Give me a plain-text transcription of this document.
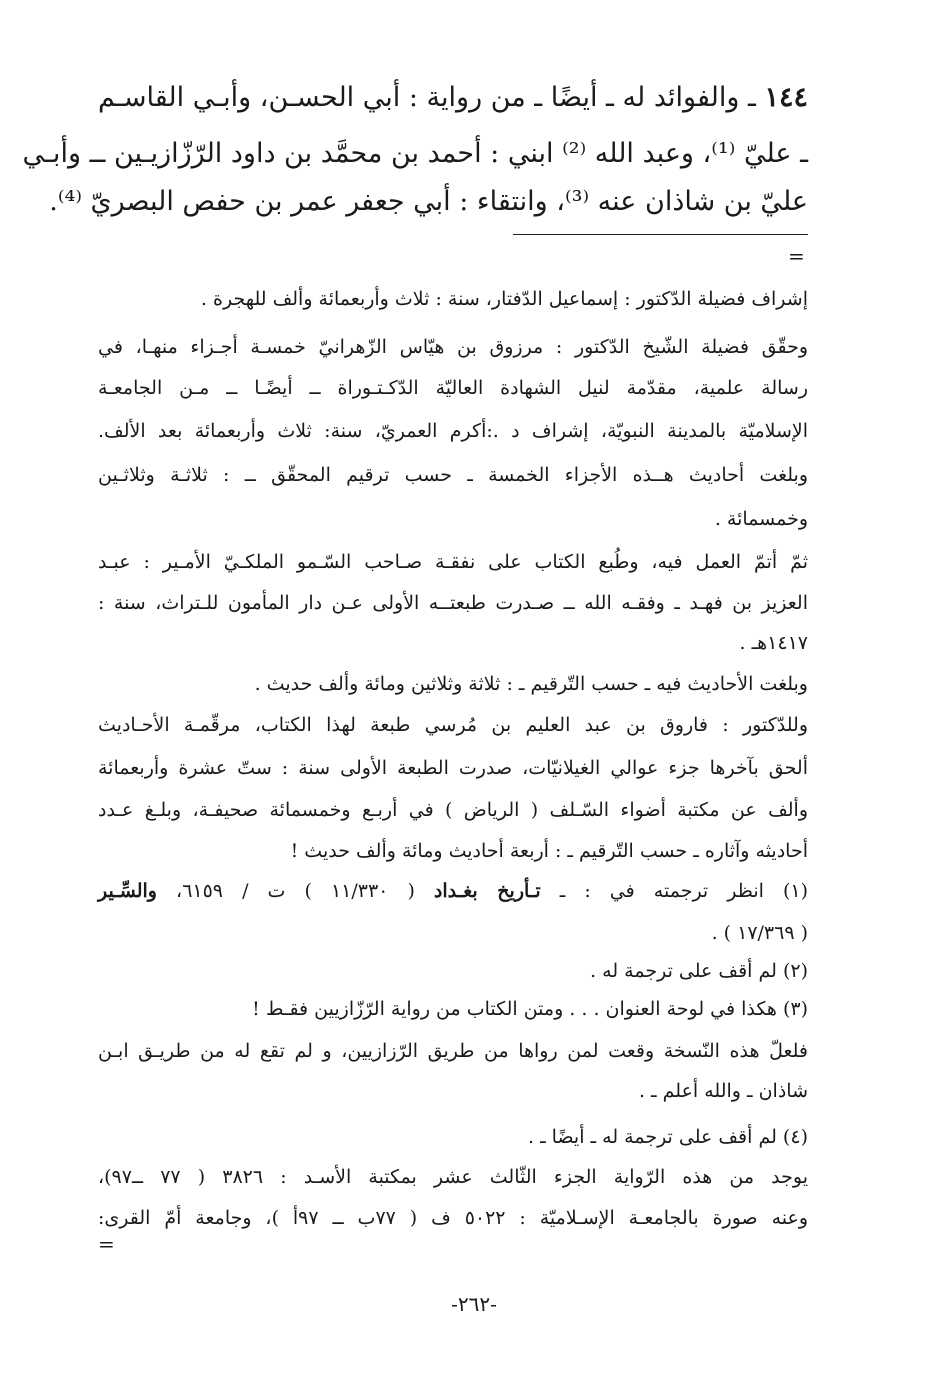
١٤٤ ـ والفوائد له ـ أيضًا ـ من رواية : أبي الحسـن، وأبـي القاسـم
ـ عليّ ⁽¹⁾، وعبد الله ⁽²⁾ ابني : أحمد بن محمَّد بن داود الرّزّازيـين ــ وأبـي
عليّ بن شاذان عنه ⁽³⁾، وانتقاء : أبي جعفر عمر بن حفص البصريّ ⁽⁴⁾.
=
إشراف فضيلة الدّكتور : إسماعيل الدّفتار، سنة : ثلاث وأربعمائة وألف للهجرة .
وحقّق فضيلة الشّيخ الدّكتور : مرزوق بن هيّاس الزّهرانيّ خمسـة أجـزاء منهـا، في
رسالة علمية، مقدّمة لنيل الشهادة العاليّة الدّكـتـوراة ــ أيضًـا ــ مـن الجامعـة
الإسلاميّة بالمدينة النبويّة، إشراف د .:أكرم العمريّ، سنة: ثلاث وأربعمائة بعد الألف.
وبلغت أحاديث هــذه الأجزاء الخمسة ـ حسب ترقيم المحقّق ــ : ثلاثـة وثلاثـين
وخمسمائة .
ثمّ أتمّ العمل فيه، وطُبع الكتاب على نفقـة صـاحب السّـمو الملكـيّ الأمـير : عبـد
العزيز بن فهـد ـ وفقـه الله ــ صـدرت طبعتــه الأولى عـن دار المأمون للـتراث، سنة :
١٤١٧هـ .
وبلغت الأحاديث فيه ـ حسب التّرقيم ـ : ثلاثة وثلاثين ومائة وألف حديث .
وللدّكتور : فاروق بن عبد العليم بن مُرسي طبعة لهذا الكتاب، مرقّمـة الأحـاديث
ألحق بآخرها جزء عوالي الغيلانيّات، صدرت الطبعة الأولى سنة : ستّ عشرة وأربعمائة
وألف عن مكتبة أضواء السّـلف ( الرياض ) في أربـع وخمسمائة صحيفـة، وبلـغ عـدد
أحاديثه وآثاره ـ حسب التّرقيم ـ : أربعة أحاديث ومائة وألف حديث !
(١) انظر ترجمته في : ـ تـأريخ بغـداد ( ١١/٣٣٠ ) ت / ٦١٥٩، والسِّـير
( ١٧/٣٦٩ ) .
(٢) لم أقف على ترجمة له .
(٣) هكذا في لوحة العنوان . . . ومتن الكتاب من رواية الرّزّازيين فقـط !
فلعلّ هذه النّسخة وقعت لمن رواها من طريق الرّزازيين، و لم تقع له من طريـق ابـن
شاذان ـ والله أعلم ـ .
(٤) لم أقف على ترجمة له ـ أيضًا ـ .
يوجد من هذه الرّواية الجزء الثّالث عشر بمكتبة الأسـد : ٣٨٢٦ ( ٧٧ ــ٩٧)،
وعنه صورة بالجامعـة الإسـلاميّة : ٥٠٢٢ ف ( ٧٧ب ــ ٩٧أ )، وجامعة أمّ القرى:
=
-٢٦٢-
